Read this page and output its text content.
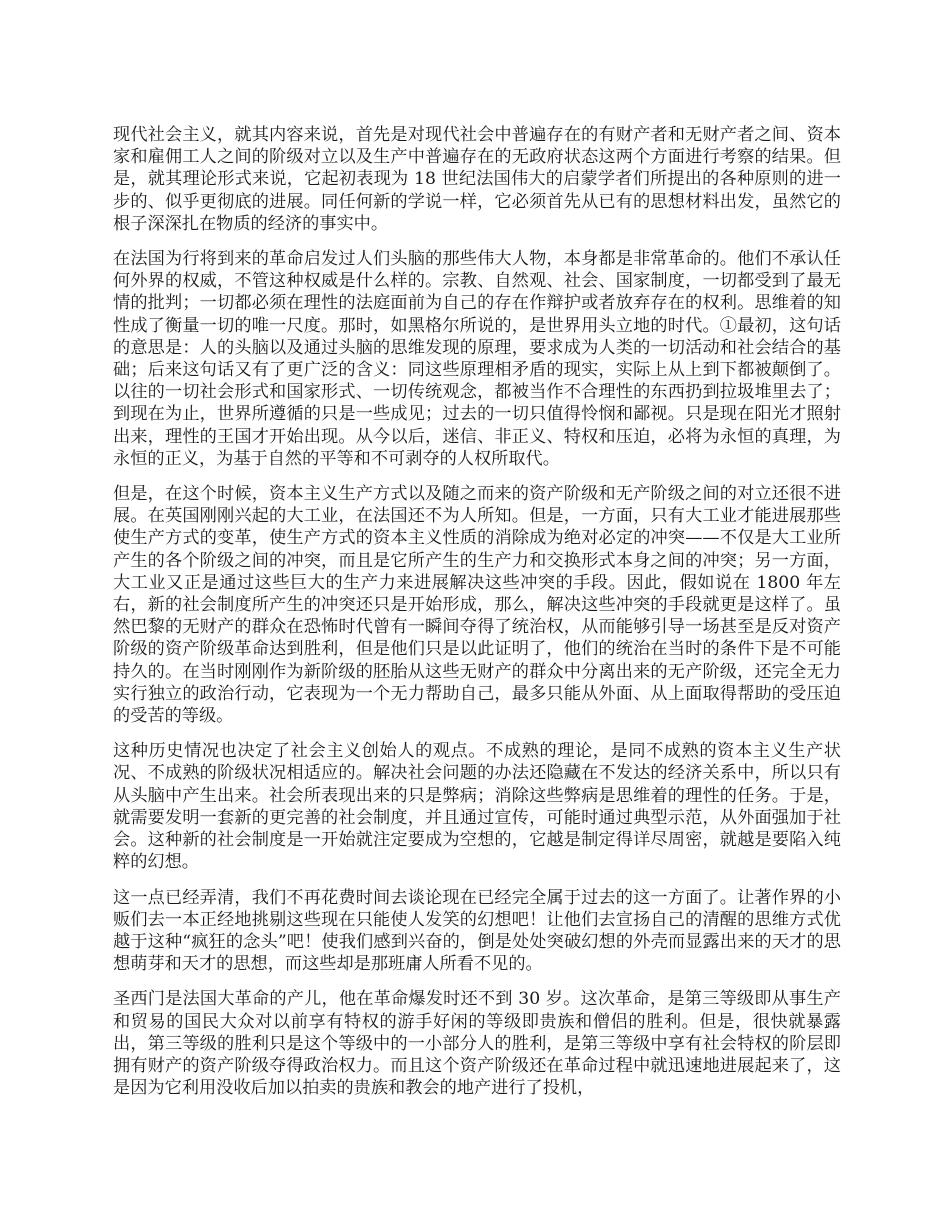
现代社会主义，就其内容来说，首先是对现代社会中普遍存在的有财产者和无财产者之间、资本家和雇佣工人之间的阶级对立以及生产中普遍存在的无政府状态这两个方面进行考察的结果。但是，就其理论形式来说，它起初表现为 18 世纪法国伟大的启蒙学者们所提出的各种原则的进一步的、似乎更彻底的进展。同任何新的学说一样，它必须首先从已有的思想材料出发，虽然它的根子深深扎在物质的经济的事实中。

在法国为行将到来的革命启发过人们头脑的那些伟大人物，本身都是非常革命的。他们不承认任何外界的权威，不管这种权威是什么样的。宗教、自然观、社会、国家制度，一切都受到了最无情的批判；一切都必须在理性的法庭面前为自己的存在作辩护或者放弃存在的权利。思维着的知性成了衡量一切的唯一尺度。那时，如黑格尔所说的，是世界用头立地的时代。①最初，这句话的意思是：人的头脑以及通过头脑的思维发现的原理，要求成为人类的一切活动和社会结合的基础；后来这句话又有了更广泛的含义：同这些原理相矛盾的现实，实际上从上到下都被颠倒了。以往的一切社会形式和国家形式、一切传统观念，都被当作不合理性的东西扔到拉圾堆里去了；到现在为止，世界所遵循的只是一些成见；过去的一切只值得怜悯和鄙视。只是现在阳光才照射出来，理性的王国才开始出现。从今以后，迷信、非正义、特权和压迫，必将为永恒的真理，为永恒的正义，为基于自然的平等和不可剥夺的人权所取代。

但是，在这个时候，资本主义生产方式以及随之而来的资产阶级和无产阶级之间的对立还很不进展。在英国刚刚兴起的大工业，在法国还不为人所知。但是，一方面，只有大工业才能进展那些使生产方式的变革，使生产方式的资本主义性质的消除成为绝对必定的冲突——不仅是大工业所产生的各个阶级之间的冲突，而且是它所产生的生产力和交换形式本身之间的冲突；另一方面，大工业又正是通过这些巨大的生产力来进展解决这些冲突的手段。因此，假如说在 1800 年左右，新的社会制度所产生的冲突还只是开始形成，那么，解决这些冲突的手段就更是这样了。虽然巴黎的无财产的群众在恐怖时代曾有一瞬间夺得了统治权，从而能够引导一场甚至是反对资产阶级的资产阶级革命达到胜利，但是他们只是以此证明了，他们的统治在当时的条件下是不可能持久的。在当时刚刚作为新阶级的胚胎从这些无财产的群众中分离出来的无产阶级，还完全无力实行独立的政治行动，它表现为一个无力帮助自己，最多只能从外面、从上面取得帮助的受压迫的受苦的等级。

这种历史情况也决定了社会主义创始人的观点。不成熟的理论，是同不成熟的资本主义生产状况、不成熟的阶级状况相适应的。解决社会问题的办法还隐藏在不发达的经济关系中，所以只有从头脑中产生出来。社会所表现出来的只是弊病；消除这些弊病是思维着的理性的任务。于是，就需要发明一套新的更完善的社会制度，并且通过宣传，可能时通过典型示范，从外面强加于社会。这种新的社会制度是一开始就注定要成为空想的，它越是制定得详尽周密，就越是要陷入纯粹的幻想。

这一点已经弄清，我们不再花费时间去谈论现在已经完全属于过去的这一方面了。让著作界的小贩们去一本正经地挑剔这些现在只能使人发笑的幻想吧！让他们去宣扬自己的清醒的思维方式优越于这种“疯狂的念头”吧！使我们感到兴奋的，倒是处处突破幻想的外壳而显露出来的天才的思想萌芽和天才的思想，而这些却是那班庸人所看不见的。

圣西门是法国大革命的产儿，他在革命爆发时还不到 30 岁。这次革命，是第三等级即从事生产和贸易的国民大众对以前享有特权的游手好闲的等级即贵族和僧侣的胜利。但是，很快就暴露出，第三等级的胜利只是这个等级中的一小部分人的胜利，是第三等级中享有社会特权的阶层即拥有财产的资产阶级夺得政治权力。而且这个资产阶级还在革命过程中就迅速地进展起来了，这是因为它利用没收后加以拍卖的贵族和教会的地产进行了投机，
